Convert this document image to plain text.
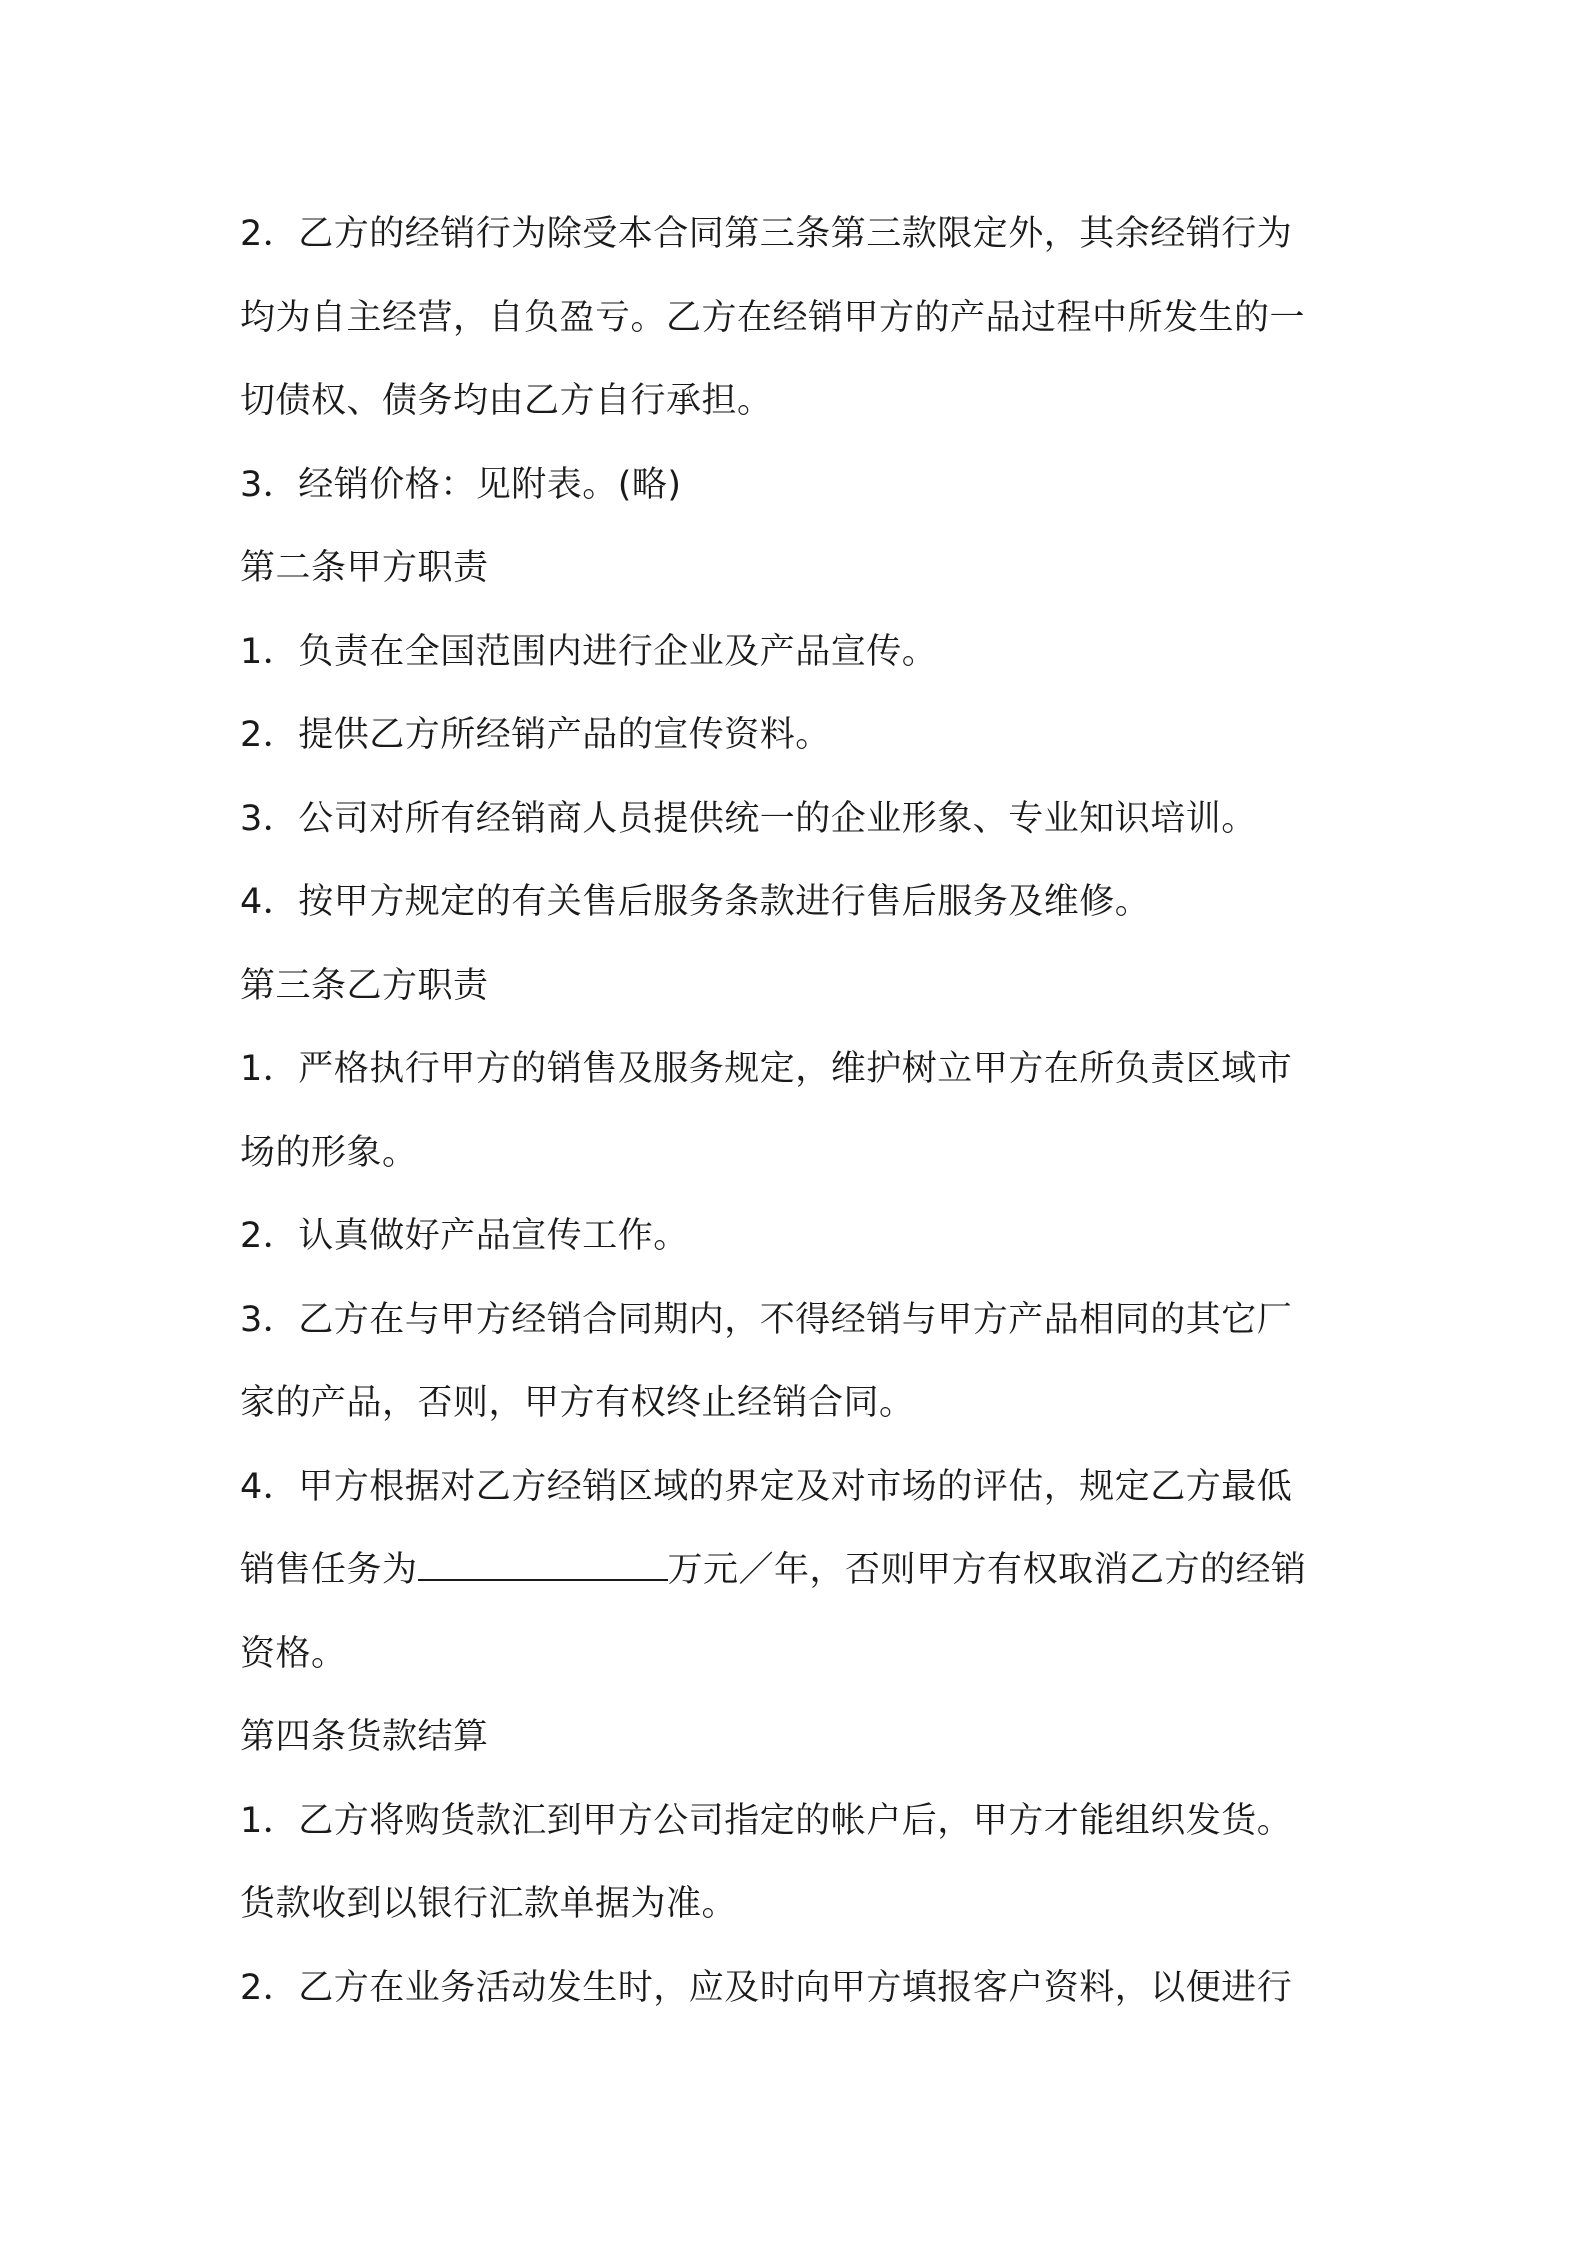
2．乙方的经销行为除受本合同第三条第三款限定外，其余经销行为
均为自主经营，自负盈亏。乙方在经销甲方的产品过程中所发生的一
切债权、债务均由乙方自行承担。
3．经销价格：见附表。(略)
第二条甲方职责
1．负责在全国范围内进行企业及产品宣传。
2．提供乙方所经销产品的宣传资料。
3．公司对所有经销商人员提供统一的企业形象、专业知识培训。
4．按甲方规定的有关售后服务条款进行售后服务及维修。
第三条乙方职责
1．严格执行甲方的销售及服务规定，维护树立甲方在所负责区域市
场的形象。
2．认真做好产品宣传工作。
3．乙方在与甲方经销合同期内，不得经销与甲方产品相同的其它厂
家的产品，否则，甲方有权终止经销合同。
4．甲方根据对乙方经销区域的界定及对市场的评估，规定乙方最低
销售任务为	万元／年，否则甲方有权取消乙方的经销
资格。
第四条货款结算
1．乙方将购货款汇到甲方公司指定的帐户后，甲方才能组织发货。
货款收到以银行汇款单据为准。
2．乙方在业务活动发生时，应及时向甲方填报客户资料，以便进行
